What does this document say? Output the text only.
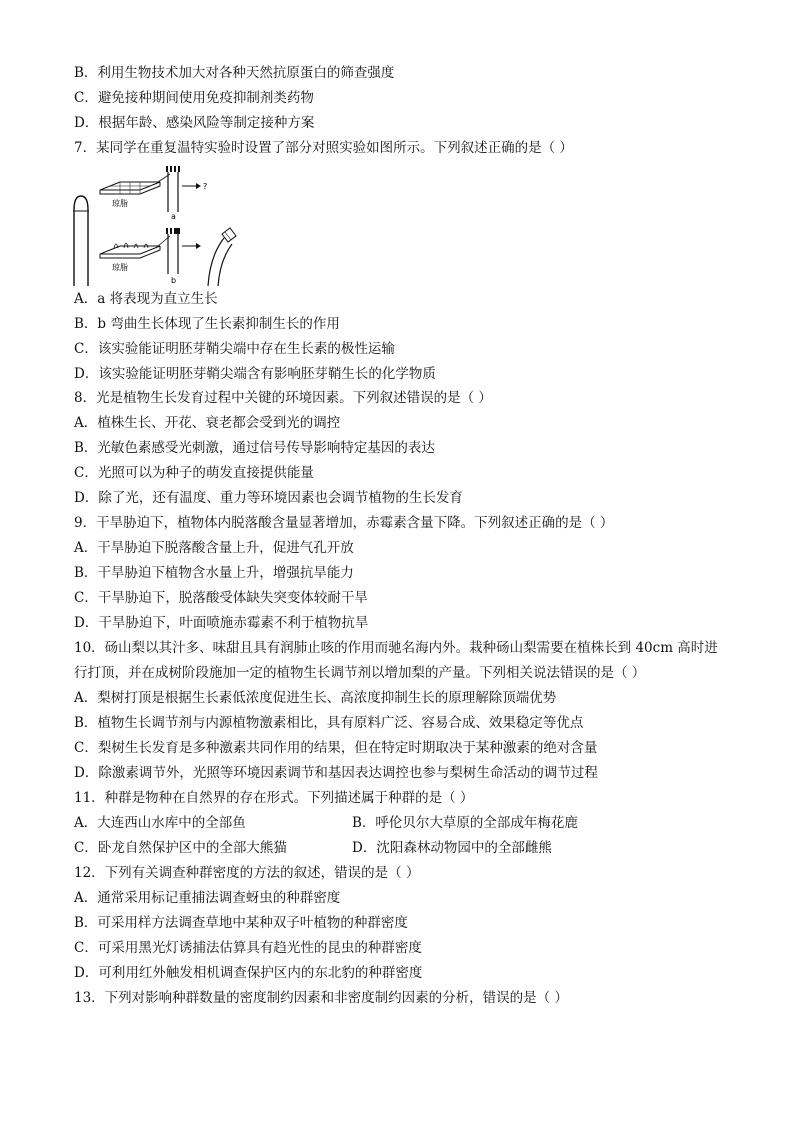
B．利用生物技术加大对各种天然抗原蛋白的筛查强度
C．避免接种期间使用免疫抑制剂类药物
D．根据年龄、感染风险等制定接种方案
7．某同学在重复温特实验时设置了部分对照实验如图所示。下列叙述正确的是（ ）
琼脂
?
a
琼脂
b
A．a 将表现为直立生长
B．b 弯曲生长体现了生长素抑制生长的作用
C．该实验能证明胚芽鞘尖端中存在生长素的极性运输
D．该实验能证明胚芽鞘尖端含有影响胚芽鞘生长的化学物质
8．光是植物生长发育过程中关键的环境因素。下列叙述错误的是（ ）
A．植株生长、开花、衰老都会受到光的调控
B．光敏色素感受光刺激，通过信号传导影响特定基因的表达
C．光照可以为种子的萌发直接提供能量
D．除了光，还有温度、重力等环境因素也会调节植物的生长发育
9．干旱胁迫下，植物体内脱落酸含量显著增加，赤霉素含量下降。下列叙述正确的是（ ）
A．干旱胁迫下脱落酸含量上升，促进气孔开放
B．干旱胁迫下植物含水量上升，增强抗旱能力
C．干旱胁迫下，脱落酸受体缺失突变体较耐干旱
D．干旱胁迫下，叶面喷施赤霉素不利于植物抗旱
10．砀山梨以其汁多、味甜且具有润肺止咳的作用而驰名海内外。栽种砀山梨需要在植株长到 40cm 高时进
行打顶，并在成树阶段施加一定的植物生长调节剂以增加梨的产量。下列相关说法错误的是（ ）
A．梨树打顶是根据生长素低浓度促进生长、高浓度抑制生长的原理解除顶端优势
B．植物生长调节剂与内源植物激素相比，具有原料广泛、容易合成、效果稳定等优点
C．梨树生长发育是多种激素共同作用的结果，但在特定时期取决于某种激素的绝对含量
D．除激素调节外，光照等环境因素调节和基因表达调控也参与梨树生命活动的调节过程
11．种群是物种在自然界的存在形式。下列描述属于种群的是（ ）
A．大连西山水库中的全部鱼	B．呼伦贝尔大草原的全部成年梅花鹿
C．卧龙自然保护区中的全部大熊猫	D．沈阳森林动物园中的全部雌熊
12．下列有关调查种群密度的方法的叙述，错误的是（ ）
A．通常采用标记重捕法调查蚜虫的种群密度
B．可采用样方法调查草地中某种双子叶植物的种群密度
C．可采用黑光灯诱捕法估算具有趋光性的昆虫的种群密度
D．可利用红外触发相机调查保护区内的东北豹的种群密度
13．下列对影响种群数量的密度制约因素和非密度制约因素的分析，错误的是（ ）
